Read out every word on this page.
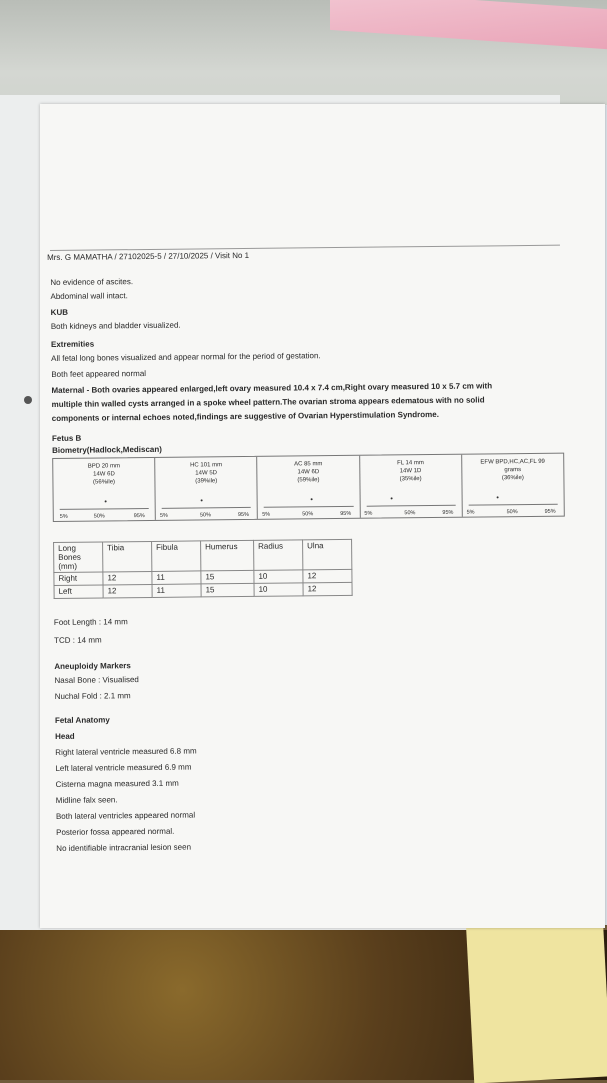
Mrs. G MAMATHA / 27102025-5 / 27/10/2025 / Visit No 1
No evidence of ascites.
Abdominal wall intact.
KUB
Both kidneys and bladder visualized.
Extremities
All fetal long bones visualized and appear normal for the period of gestation.
Both feet appeared normal
Maternal - Both ovaries appeared enlarged,left ovary measured 10.4 x 7.4 cm,Right ovary measured 10 x 5.7 cm with
multiple thin walled cysts arranged in a spoke wheel pattern.The ovarian stroma appears edematous with no solid
components or internal echoes noted,findings are suggestive of Ovarian Hyperstimulation Syndrome.
Fetus B
Biometry(Hadlock,Mediscan)
BPD 20 mm
14W 6D
(56%ile)
5%	50%	95%
HC 101 mm
14W 5D
(39%ile)
5%	50%	95%
AC 85 mm
14W 6D
(59%ile)
5%	50%	95%
FL 14 mm
14W 1D
(35%ile)
5%	50%	95%
EFW BPD,HC,AC,FL 99
grams
(36%ile)
5%	50%	95%
Long Bones
(mm)	Tibia	Fibula	Humerus	Radius	Ulna
Right	12	11	15	10	12
Left	12	11	15	10	12
Foot Length : 14 mm
TCD : 14 mm
Aneuploidy Markers
Nasal Bone : Visualised
Nuchal Fold : 2.1 mm
Fetal Anatomy
Head
Right lateral ventricle measured 6.8 mm
Left lateral ventricle measured 6.9 mm
Cisterna magna measured 3.1 mm
Midline falx seen.
Both lateral ventricles appeared normal
Posterior fossa appeared normal.
No identifiable intracranial lesion seen
